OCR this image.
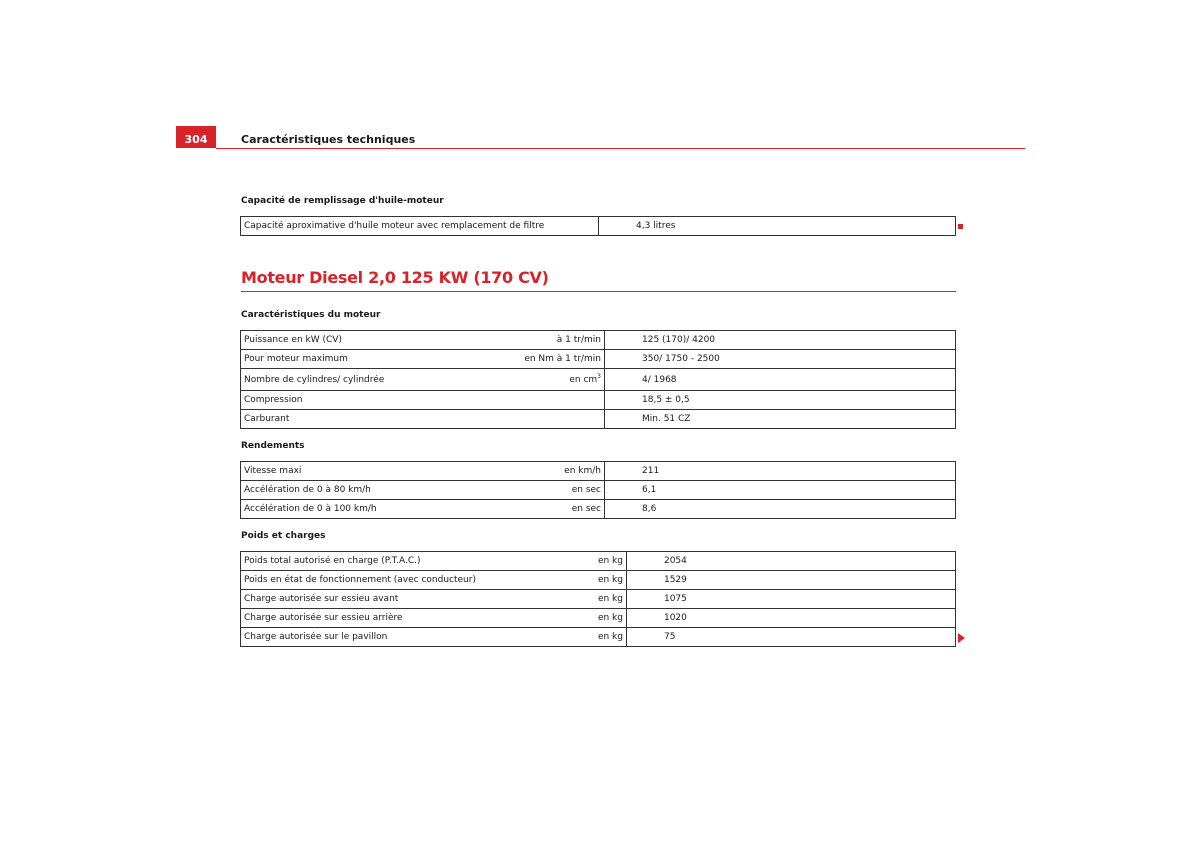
304	Caractéristiques techniques
Capacité de remplissage d'huile-moteur
Capacité aproximative d'huile moteur avec remplacement de filtre	4,3 litres
Moteur Diesel 2,0 125 KW (170 CV)
Caractéristiques du moteur
Puissance en kW (CV)	à 1 tr/min	125 (170)/ 4200
Pour moteur maximum	en Nm à 1 tr/min	350/ 1750 - 2500
Nombre de cylindres/ cylindrée	en $cm^3$	4/ 1968
Compression		18,5 ± 0,5
Carburant		Min. 51 CZ
Rendements
Vitesse maxi	en km/h	211
Accélération de 0 à 80 km/h	en sec	6,1
Accélération de 0 à 100 km/h	en sec	8,6
Poids et charges
Poids total autorisé en charge (P.T.A.C.)	en kg	2054
Poids en état de fonctionnement (avec conducteur)	en kg	1529
Charge autorisée sur essieu avant	en kg	1075
Charge autorisée sur essieu arrière	en kg	1020
Charge autorisée sur le pavillon	en kg	75
